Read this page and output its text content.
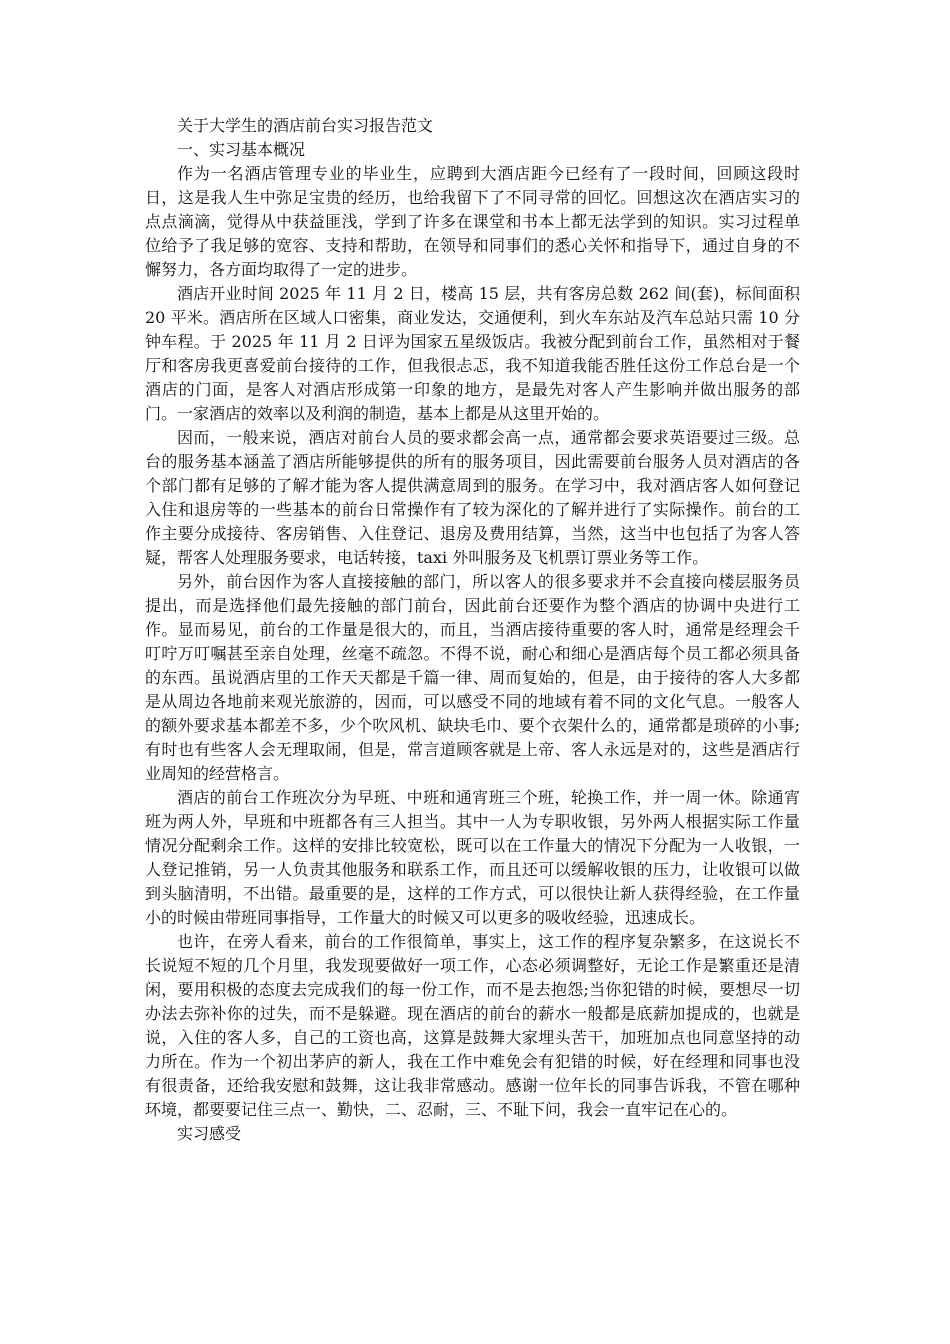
关于大学生的酒店前台实习报告范文

一、实习基本概况

作为一名酒店管理专业的毕业生，应聘到大酒店距今已经有了一段时间，回顾这段时日，这是我人生中弥足宝贵的经历，也给我留下了不同寻常的回忆。回想这次在酒店实习的点点滴滴，觉得从中获益匪浅，学到了许多在课堂和书本上都无法学到的知识。实习过程单位给予了我足够的宽容、支持和帮助，在领导和同事们的悉心关怀和指导下，通过自身的不懈努力，各方面均取得了一定的进步。

酒店开业时间 2025 年 11 月 2 日，楼高 15 层，共有客房总数 262 间(套)，标间面积 20 平米。酒店所在区域人口密集，商业发达，交通便利，到火车东站及汽车总站只需 10 分钟车程。于 2025 年 11 月 2 日评为国家五星级饭店。我被分配到前台工作，虽然相对于餐厅和客房我更喜爱前台接待的工作，但我很忐忑，我不知道我能否胜任这份工作总台是一个酒店的门面，是客人对酒店形成第一印象的地方，是最先对客人产生影响并做出服务的部门。一家酒店的效率以及利润的制造，基本上都是从这里开始的。

因而，一般来说，酒店对前台人员的要求都会高一点，通常都会要求英语要过三级。总台的服务基本涵盖了酒店所能够提供的所有的服务项目，因此需要前台服务人员对酒店的各个部门都有足够的了解才能为客人提供满意周到的服务。在学习中，我对酒店客人如何登记入住和退房等的一些基本的前台日常操作有了较为深化的了解并进行了实际操作。前台的工作主要分成接待、客房销售、入住登记、退房及费用结算，当然，这当中也包括了为客人答疑，帮客人处理服务要求，电话转接，taxi 外叫服务及飞机票订票业务等工作。

另外，前台因作为客人直接接触的部门，所以客人的很多要求并不会直接向楼层服务员提出，而是选择他们最先接触的部门前台，因此前台还要作为整个酒店的协调中央进行工作。显而易见，前台的工作量是很大的，而且，当酒店接待重要的客人时，通常是经理会千叮咛万叮嘱甚至亲自处理，丝毫不疏忽。不得不说，耐心和细心是酒店每个员工都必须具备的东西。虽说酒店里的工作天天都是千篇一律、周而复始的，但是，由于接待的客人大多都是从周边各地前来观光旅游的，因而，可以感受不同的地域有着不同的文化气息。一般客人的额外要求基本都差不多，少个吹风机、缺块毛巾、要个衣架什么的，通常都是琐碎的小事;有时也有些客人会无理取闹，但是，常言道顾客就是上帝、客人永远是对的，这些是酒店行业周知的经营格言。

酒店的前台工作班次分为早班、中班和通宵班三个班，轮换工作，并一周一休。除通宵班为两人外，早班和中班都各有三人担当。其中一人为专职收银，另外两人根据实际工作量情况分配剩余工作。这样的安排比较宽松，既可以在工作量大的情况下分配为一人收银，一人登记推销，另一人负责其他服务和联系工作，而且还可以缓解收银的压力，让收银可以做到头脑清明，不出错。最重要的是，这样的工作方式，可以很快让新人获得经验，在工作量小的时候由带班同事指导，工作量大的时候又可以更多的吸收经验，迅速成长。

也许，在旁人看来，前台的工作很简单，事实上，这工作的程序复杂繁多，在这说长不长说短不短的几个月里，我发现要做好一项工作，心态必须调整好，无论工作是繁重还是清闲，要用积极的态度去完成我们的每一份工作，而不是去抱怨;当你犯错的时候，要想尽一切办法去弥补你的过失，而不是躲避。现在酒店的前台的薪水一般都是底薪加提成的，也就是说，入住的客人多，自己的工资也高，这算是鼓舞大家埋头苦干，加班加点也同意坚持的动力所在。作为一个初出茅庐的新人，我在工作中难免会有犯错的时候，好在经理和同事也没有很责备，还给我安慰和鼓舞，这让我非常感动。感谢一位年长的同事告诉我，不管在哪种环境，都要要记住三点一、勤快，二、忍耐，三、不耻下问，我会一直牢记在心的。

实习感受
